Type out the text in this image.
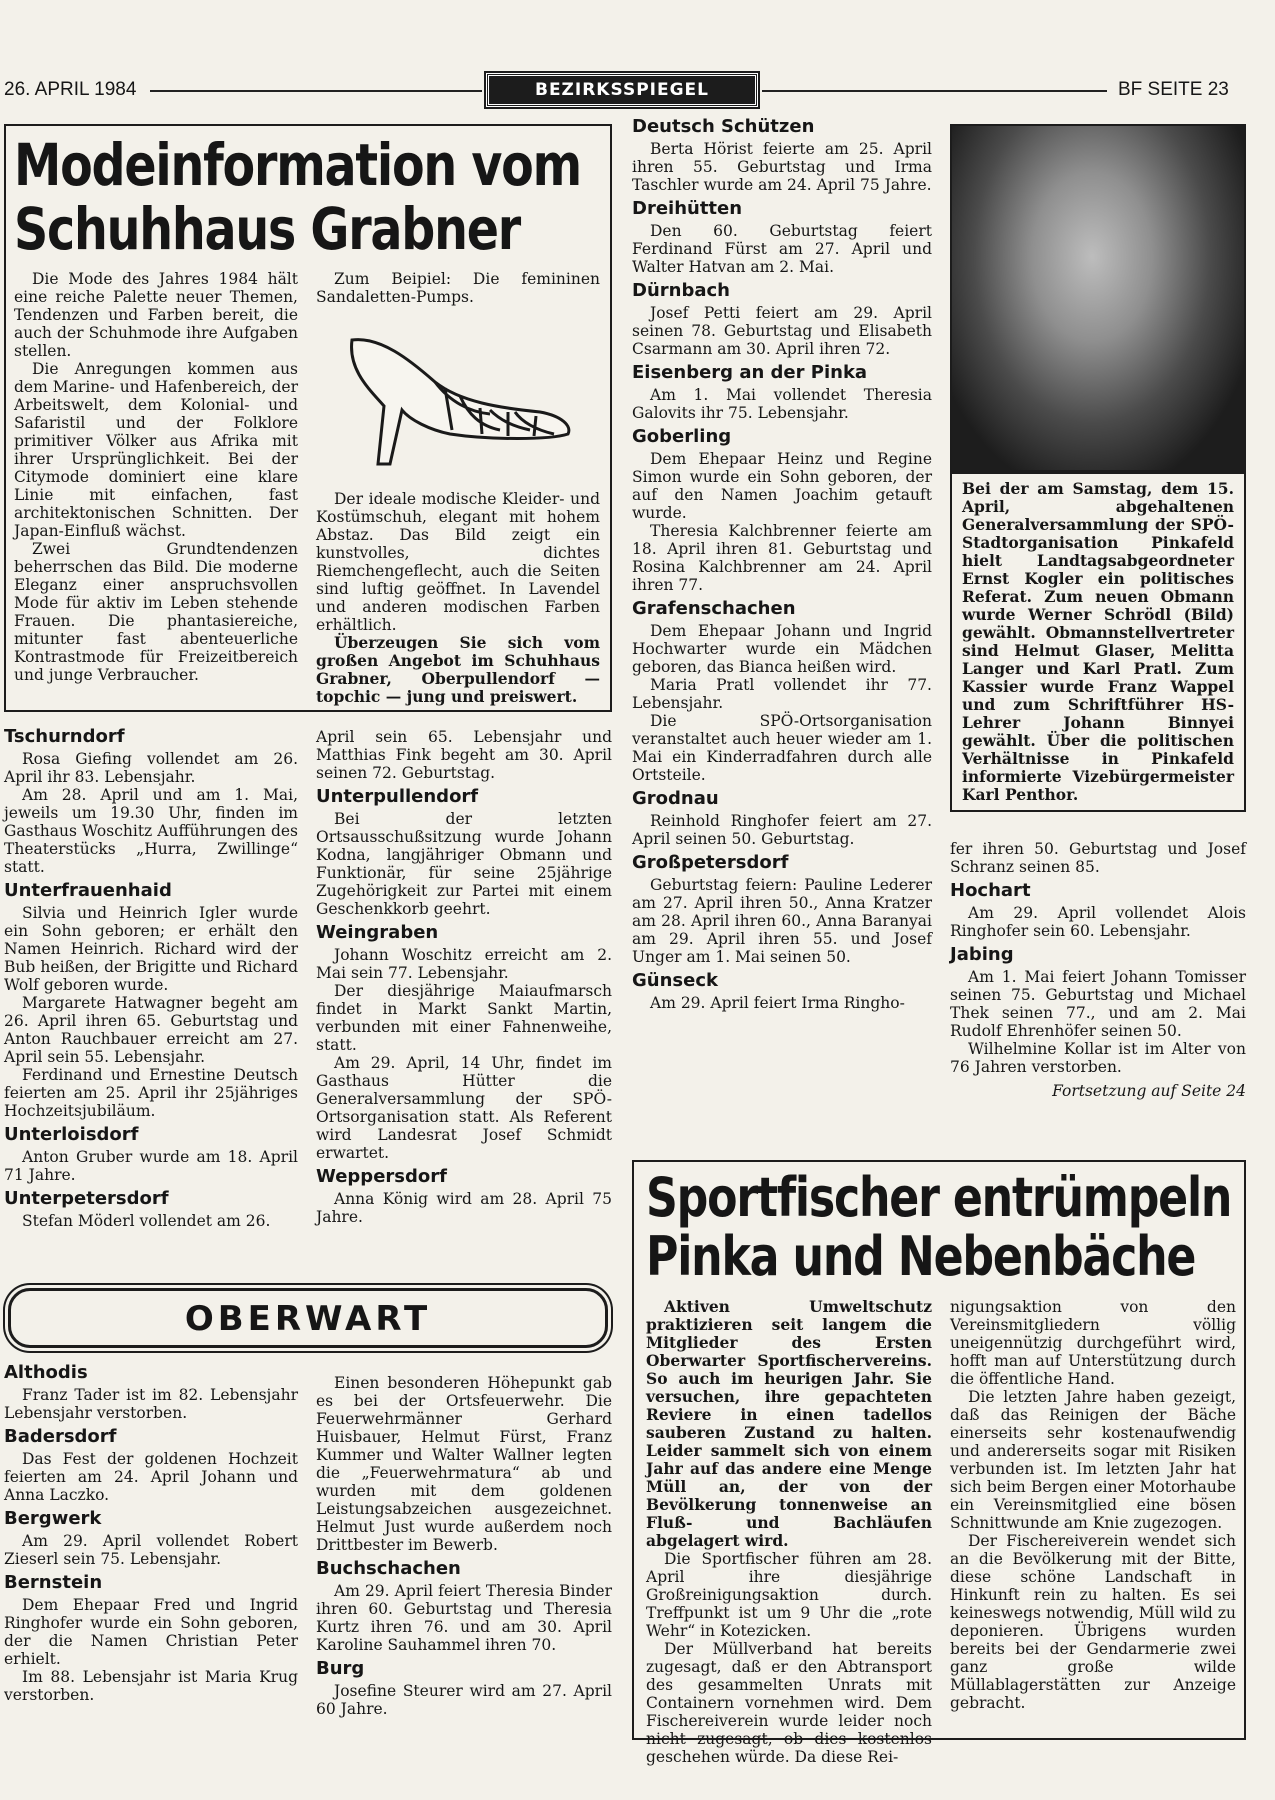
26. APRIL 1984	BEZIRKSSPIEGEL	BF SEITE 23
Modeinformation vom
Schuhhaus Grabner

Die Mode des Jahres 1984 hält eine reiche Palette neuer Themen, Tendenzen und Farben bereit, die auch der Schuhmode ihre Aufgaben stellen.

Die Anregungen kommen aus dem Marine- und Hafenbereich, der Arbeitswelt, dem Kolonial- und Safaristil und der Folklore primitiver Völker aus Afrika mit ihrer Ursprünglichkeit. Bei der Citymode dominiert eine klare Linie mit einfachen, fast architektonischen Schnitten. Der Japan-Einfluß wächst.

Zwei Grundtendenzen beherrschen das Bild. Die moderne Eleganz einer anspruchsvollen Mode für aktiv im Leben stehende Frauen. Die phantasiereiche, mitunter fast abenteuerliche Kontrastmode für Freizeitbereich und junge Verbraucher.

Zum Beipiel: Die femininen Sandaletten-Pumps.

Der ideale modische Kleider- und Kostümschuh, elegant mit hohem Abstaz. Das Bild zeigt ein kunstvolles, dichtes Riemchengeflecht, auch die Seiten sind luftig geöffnet. In Lavendel und anderen modischen Farben erhältlich.

Überzeugen Sie sich vom großen Angebot im Schuhhaus Grabner, Oberpullendorf — topchic — jung und preiswert.

Tschurndorf

Rosa Giefing vollendet am 26. April ihr 83. Lebensjahr.

Am 28. April und am 1. Mai, jeweils um 19.30 Uhr, finden im Gasthaus Woschitz Aufführungen des Theaterstücks „Hurra, Zwillinge“ statt.

Unterfrauenhaid

Silvia und Heinrich Igler wurde ein Sohn geboren; er erhält den Namen Heinrich. Richard wird der Bub heißen, der Brigitte und Richard Wolf geboren wurde.

Margarete Hatwagner begeht am 26. April ihren 65. Geburtstag und Anton Rauchbauer erreicht am 27. April sein 55. Lebensjahr.

Ferdinand und Ernestine Deutsch feierten am 25. April ihr 25jähriges Hochzeitsjubiläum.

Unterloisdorf

Anton Gruber wurde am 18. April 71 Jahre.

Unterpetersdorf

Stefan Möderl vollendet am 26.

April sein 65. Lebensjahr und Matthias Fink begeht am 30. April seinen 72. Geburtstag.

Unterpullendorf

Bei der letzten Ortsausschußsitzung wurde Johann Kodna, langjähriger Obmann und Funktionär, für seine 25jährige Zugehörigkeit zur Partei mit einem Geschenkkorb geehrt.

Weingraben

Johann Woschitz erreicht am 2. Mai sein 77. Lebensjahr.

Der diesjährige Maiaufmarsch findet in Markt Sankt Martin, verbunden mit einer Fahnenweihe, statt.

Am 29. April, 14 Uhr, findet im Gasthaus Hütter die Generalversammlung der SPÖ-Ortsorganisation statt. Als Referent wird Landesrat Josef Schmidt erwartet.

Weppersdorf

Anna König wird am 28. April 75 Jahre.

Deutsch Schützen

Berta Hörist feierte am 25. April ihren 55. Geburtstag und Irma Taschler wurde am 24. April 75 Jahre.

Dreihütten

Den 60. Geburtstag feiert Ferdinand Fürst am 27. April und Walter Hatvan am 2. Mai.

Dürnbach

Josef Petti feiert am 29. April seinen 78. Geburtstag und Elisabeth Csarmann am 30. April ihren 72.

Eisenberg an der Pinka

Am 1. Mai vollendet Theresia Galovits ihr 75. Lebensjahr.

Goberling

Dem Ehepaar Heinz und Regine Simon wurde ein Sohn geboren, der auf den Namen Joachim getauft wurde.

Theresia Kalchbrenner feierte am 18. April ihren 81. Geburtstag und Rosina Kalchbrenner am 24. April ihren 77.

Grafenschachen

Dem Ehepaar Johann und Ingrid Hochwarter wurde ein Mädchen geboren, das Bianca heißen wird.

Maria Pratl vollendet ihr 77. Lebensjahr.

Die SPÖ-Ortsorganisation veranstaltet auch heuer wieder am 1. Mai ein Kinderradfahren durch alle Ortsteile.

Grodnau

Reinhold Ringhofer feiert am 27. April seinen 50. Geburtstag.

Großpetersdorf

Geburtstag feiern: Pauline Lederer am 27. April ihren 50., Anna Kratzer am 28. April ihren 60., Anna Baranyai am 29. April ihren 55. und Josef Unger am 1. Mai seinen 50.

Günseck

Am 29. April feiert Irma Ringho-

Bei der am Samstag, dem 15. April, abgehaltenen Generalversammlung der SPÖ-Stadtorganisation Pinkafeld hielt Landtagsabgeordneter Ernst Kogler ein politisches Referat. Zum neuen Obmann wurde Werner Schrödl (Bild) gewählt. Obmannstellvertreter sind Helmut Glaser, Melitta Langer und Karl Pratl. Zum Kassier wurde Franz Wappel und zum Schriftführer HS-Lehrer Johann Binnyei gewählt. Über die politischen Verhältnisse in Pinkafeld informierte Vizebürgermeister Karl Penthor.

fer ihren 50. Geburtstag und Josef Schranz seinen 85.

Hochart

Am 29. April vollendet Alois Ringhofer sein 60. Lebensjahr.

Jabing

Am 1. Mai feiert Johann Tomisser seinen 75. Geburtstag und Michael Thek seinen 77., und am 2. Mai Rudolf Ehrenhöfer seinen 50.

Wilhelmine Kollar ist im Alter von 76 Jahren verstorben.

Fortsetzung auf Seite 24
OBERWART
Althodis

Franz Tader ist im 82. Lebensjahr Lebensjahr verstorben.

Badersdorf

Das Fest der goldenen Hochzeit feierten am 24. April Johann und Anna Laczko.

Bergwerk

Am 29. April vollendet Robert Zieserl sein 75. Lebensjahr.

Bernstein

Dem Ehepaar Fred und Ingrid Ringhofer wurde ein Sohn geboren, der die Namen Christian Peter erhielt.

Im 88. Lebensjahr ist Maria Krug verstorben.

Einen besonderen Höhepunkt gab es bei der Ortsfeuerwehr. Die Feuerwehrmänner Gerhard Huisbauer, Helmut Fürst, Franz Kummer und Walter Wallner legten die „Feuerwehrmatura“ ab und wurden mit dem goldenen Leistungsabzeichen ausgezeichnet. Helmut Just wurde außerdem noch Drittbester im Bewerb.

Buchschachen

Am 29. April feiert Theresia Binder ihren 60. Geburtstag und Theresia Kurtz ihren 76. und am 30. April Karoline Sauhammel ihren 70.

Burg

Josefine Steurer wird am 27. April 60 Jahre.

Sportfischer entrümpeln
Pinka und Nebenbäche

Aktiven Umweltschutz praktizieren seit langem die Mitglieder des Ersten Oberwarter Sportfischervereins. So auch im heurigen Jahr. Sie versuchen, ihre gepachteten Reviere in einen tadellos sauberen Zustand zu halten. Leider sammelt sich von einem Jahr auf das andere eine Menge Müll an, der von der Bevölkerung tonnenweise an Fluß- und Bachläufen abgelagert wird.

Die Sportfischer führen am 28. April ihre diesjährige Großreinigungsaktion durch. Treffpunkt ist um 9 Uhr die „rote Wehr“ in Kotezicken.

Der Müllverband hat bereits zugesagt, daß er den Abtransport des gesammelten Unrats mit Containern vornehmen wird. Dem Fischereiverein wurde leider noch nicht zugesagt, ob dies kostenlos geschehen würde. Da diese Rei-

nigungsaktion von den Vereinsmitgliedern völlig uneigennützig durchgeführt wird, hofft man auf Unterstützung durch die öffentliche Hand.

Die letzten Jahre haben gezeigt, daß das Reinigen der Bäche einerseits sehr kostenaufwendig und andererseits sogar mit Risiken verbunden ist. Im letzten Jahr hat sich beim Bergen einer Motorhaube ein Vereinsmitglied eine bösen Schnittwunde am Knie zugezogen.

Der Fischereiverein wendet sich an die Bevölkerung mit der Bitte, diese schöne Landschaft in Hinkunft rein zu halten. Es sei keineswegs notwendig, Müll wild zu deponieren. Übrigens wurden bereits bei der Gendarmerie zwei ganz große wilde Müllablagerstätten zur Anzeige gebracht.
